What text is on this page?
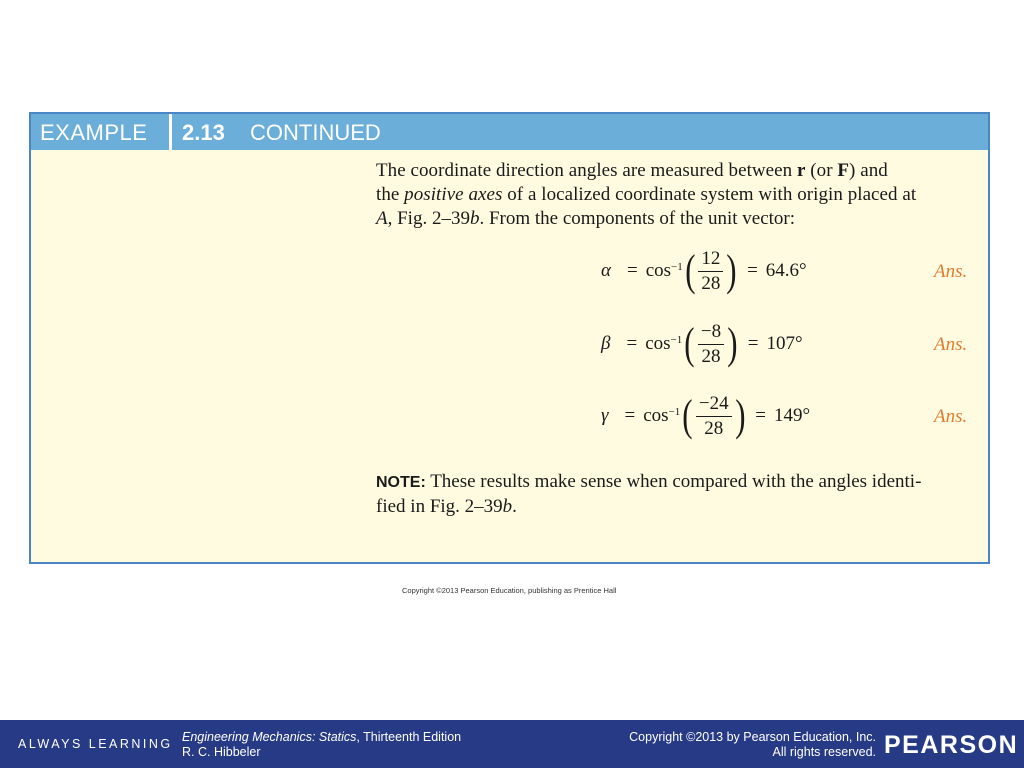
EXAMPLE 2.13 CONTINUED
The coordinate direction angles are measured between r (or F) and
the positive axes of a localized coordinate system with origin placed at
A, Fig. 2–39b. From the components of the unit vector:
$\alpha = \cos^{-1}$ ( $\frac{12}{28}$ ) = 64.6°	Ans.
$\beta = \cos^{-1}$ ( $\frac{-8}{28}$ ) = 107°	Ans.
$\gamma = \cos^{-1}$ ( $\frac{-24}{28}$ ) = 149°	Ans.
NOTE: These results make sense when compared with the angles identi-
fied in Fig. 2–39b.
Copyright ©2013 Pearson Education, publishing as Prentice Hall
ALWAYS LEARNING Engineering Mechanics: Statics, Thirteenth Edition
R. C. Hibbeler
Copyright ©2013 by Pearson Education, Inc.
All rights reserved. PEARSON
